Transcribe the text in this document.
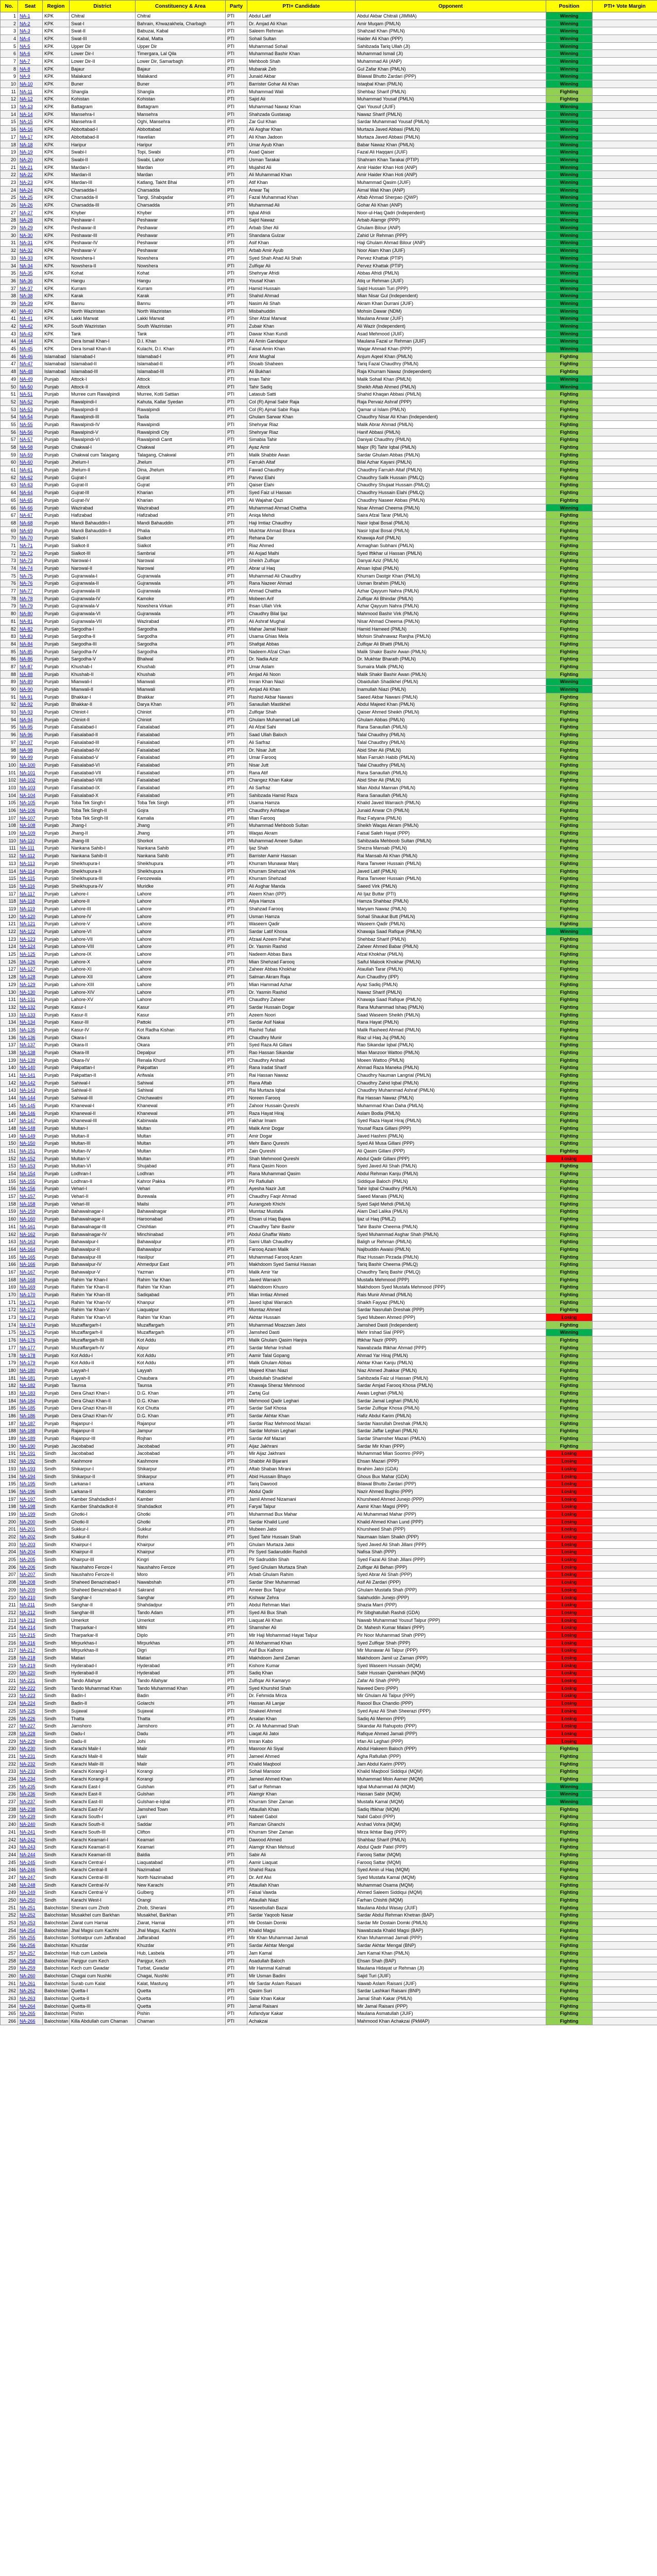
No.	Seat	Region	District	Constituency & Area	Party	PTI+ Candidate	Opponent	Position	PTI+ Vote Margin
1	NA-1	KPK	Chitral	Chitral	PTI	Abdul Latif	Abdul Akbar Chitrali (JIMMA)	Winning	
2	NA-2	KPK	Swat-I	Bahrain, Khwazakhela, Charbagh	PTI	Dr. Amjad Ali Khan	Amir Muqam (PMLN)	Winning	
3	NA-3	KPK	Swat-II	Babuzai, Kabal	PTI	Saleem Rehman	Shahzad Khan (PMLN)	Winning	
4	NA-4	KPK	Swat-III	Kabal, Matta	PTI	Sohail Sultan	Haider Ali Khan (PPP)	Winning	
5	NA-5	KPK	Upper Dir	Upper Dir	PTI	Muhammad Sohail	Sahibzada Tariq Ullah (JI)	Winning	
6	NA-6	KPK	Lower Dir-I	Timergara, Lal Qila	PTI	Muhammad Bashir Khan	Muhammad Ismail (JI)	Winning	
7	NA-7	KPK	Lower Dir-II	Lower Dir, Samarbagh	PTI	Mehboob Shah	Muhammad Ali (ANP)	Winning	
8	NA-8	KPK	Bajaur	Bajaur	PTI	Mubarak Zeb	Gul Zafar Khan (PMLN)	Winning	
9	NA-9	KPK	Malakand	Malakand	PTI	Junaid Akbar	Bilawal Bhutto Zardari (PPP)	Winning	
10	NA-10	KPK	Buner	Buner	PTI	Barrister Gohar Ali Khan	Istaqbal Khan (PMLN)	Winning	
11	NA-11	KPK	Shangla	Shangla	PTI	Muhammad Wali	Shehbaz Sharif (PMLN)	Fighting	
12	NA-12	KPK	Kohistan	Kohistan	PTI	Sajid Ali	Muhammad Yousaf (PMLN)	Fighting	
13	NA-13	KPK	Battagram	Battagram	PTI	Muhammad Nawaz Khan	Qari Yousuf (JUIF)	Winning	
14	NA-14	KPK	Mansehra-I	Mansehra	PTI	Shahzada Gustasap	Nawaz Sharif (PMLN)	Winning	
15	NA-15	KPK	Mansehra-II	Oghi, Mansehra	PTI	Zar Gul Khan	Sardar Muhammad Yousaf (PMLN)	Winning	
16	NA-16	KPK	Abbottabad-I	Abbottabad	PTI	Ali Asghar Khan	Murtaza Javed Abbasi (PMLN)	Winning	
17	NA-17	KPK	Abbottabad-II	Havelian	PTI	Ali Khan Jadoon	Murtaza Javed Abbasi (PMLN)	Winning	
18	NA-18	KPK	Haripur	Haripur	PTI	Umar Ayub Khan	Babar Nawaz Khan (PMLN)	Winning	
19	NA-19	KPK	Swabi-I	Topi, Swabi	PTI	Asad Qaiser	Fazal Ali Haqqani (JUIF)	Winning	
20	NA-20	KPK	Swabi-II	Swabi, Lahor	PTI	Usman Tarakai	Shahram Khan Tarakai (PTIP)	Winning	
21	NA-21	KPK	Mardan-I	Mardan	PTI	Mujahid Ali	Amir Haider Khan Hoti (ANP)	Winning	
22	NA-22	KPK	Mardan-II	Mardan	PTI	Ali Muhammad Khan	Amir Haider Khan Hoti (ANP)	Winning	
23	NA-23	KPK	Mardan-III	Katlang, Takht Bhai	PTI	Atif Khan	Muhammad Qasim (JUIF)	Winning	
24	NA-24	KPK	Charsadda-I	Charsadda	PTI	Anwar Taj	Aimal Wali Khan (ANP)	Winning	
25	NA-25	KPK	Charsadda-II	Tangi, Shabqadar	PTI	Fazal Muhammad Khan	Aftab Ahmad Sherpao (QWP)	Winning	
26	NA-26	KPK	Charsadda-III	Charsadda	PTI	Muhammad Ali	Gohar Ali Khan (ANP)	Winning	
27	NA-27	KPK	Khyber	Khyber	PTI	Iqbal Afridi	Noor-ul-Haq Qadri (Independent)	Winning	
28	NA-28	KPK	Peshawar-I	Peshawar	PTI	Sajid Nawaz	Arbab Alamgir (PPP)	Winning	
29	NA-29	KPK	Peshawar-II	Peshawar	PTI	Arbab Sher Ali	Ghulam Bilour (ANP)	Winning	
30	NA-30	KPK	Peshawar-III	Peshawar	PTI	Shandana Gulzar	Zahid Ur Rehman (PPP)	Winning	
31	NA-31	KPK	Peshawar-IV	Peshawar	PTI	Asif Khan	Haji Ghulam Ahmad Bilour (ANP)	Winning	
32	NA-32	KPK	Peshawar-V	Peshawar	PTI	Arbab Amir Ayub	Noor Alam Khan (JUIF)	Winning	
33	NA-33	KPK	Nowshera-I	Nowshera	PTI	Syed Shah Ahad Ali Shah	Pervez Khattak (PTIP)	Winning	
34	NA-34	KPK	Nowshera-II	Nowshera	PTI	Zulfiqar Ali	Pervez Khattak (PTIP)	Winning	
35	NA-35	KPK	Kohat	Kohat	PTI	Shehryar Afridi	Abbas Afridi (PMLN)	Winning	
36	NA-36	KPK	Hangu	Hangu	PTI	Yousaf Khan	Atiq ur Rehman (JUIF)	Winning	
37	NA-37	KPK	Kurram	Kurram	PTI	Hamid Hussain	Sajid Hussain Turi (PPP)	Winning	
38	NA-38	KPK	Karak	Karak	PTI	Shahid Ahmad	Mian Nisar Gul (Independent)	Winning	
39	NA-39	KPK	Bannu	Bannu	PTI	Nasim Ali Shah	Akram Khan Durrani (JUIF)	Winning	
40	NA-40	KPK	North Waziristan	North Waziristan	PTI	Misbahuddin	Mohsin Dawar (NDM)	Winning	
41	NA-41	KPK	Lakki Marwat	Lakki Marwat	PTI	Sher Afzal Marwat	Maulana Anwar (JUIF)	Winning	
42	NA-42	KPK	South Waziristan	South Waziristan	PTI	Zubair Khan	Ali Wazir (Independent)	Winning	
43	NA-43	KPK	Tank	Tank	PTI	Dawar Khan Kundi	Asad Mehmood (JUIF)	Winning	
44	NA-44	KPK	Dera Ismail Khan-I	D.I. Khan	PTI	Ali Amin Gandapur	Maulana Fazal ur Rehman (JUIF)	Winning	
45	NA-45	KPK	Dera Ismail Khan-II	Kulachi, D.I. Khan	PTI	Faisal Amin Khan	Waqar Ahmad Khan (PPP)	Winning	
46	NA-46	Islamabad	Islamabad-I	Islamabad-I	PTI	Amir Mughal	Anjum Aqeel Khan (PMLN)	Fighting	
47	NA-47	Islamabad	Islamabad-II	Islamabad-II	PTI	Shoaib Shaheen	Tariq Fazal Chaudhry (PMLN)	Fighting	
48	NA-48	Islamabad	Islamabad-III	Islamabad-III	PTI	Ali Bukhari	Raja Khurram Nawaz (Independent)	Fighting	
49	NA-49	Punjab	Attock-I	Attock	PTI	Iman Tahir	Malik Sohail Khan (PMLN)	Winning	
50	NA-50	Punjab	Attock-II	Attock	PTI	Tahir Sadiq	Sheikh Aftab Ahmed (PMLN)	Winning	
51	NA-51	Punjab	Murree cum Rawalpindi	Murree, Kotli Sattian	PTI	Latasub Satti	Shahid Khaqan Abbasi (PMLN)	Fighting	
52	NA-52	Punjab	Rawalpindi-I	Kahuta, Kallar Syedan	PTI	Col (R) Ajmal Sabir Raja	Raja Pervaiz Ashraf (PPP)	Fighting	
53	NA-53	Punjab	Rawalpindi-II	Rawalpindi	PTI	Col (R) Ajmal Sabir Raja	Qamar ul Islam (PMLN)	Fighting	
54	NA-54	Punjab	Rawalpindi-III	Taxila	PTI	Ghulam Sarwar Khan	Chaudhry Nisar Ali Khan (Independent)	Fighting	
55	NA-55	Punjab	Rawalpindi-IV	Rawalpindi	PTI	Shehryar Riaz	Malik Abrar Ahmad (PMLN)	Fighting	
56	NA-56	Punjab	Rawalpindi-V	Rawalpindi City	PTI	Shehryar Riaz	Hanif Abbasi (PMLN)	Fighting	
57	NA-57	Punjab	Rawalpindi-VI	Rawalpindi Cantt	PTI	Simabia Tahir	Daniyal Chaudhry (PMLN)	Fighting	
58	NA-58	Punjab	Chakwal-I	Chakwal	PTI	Ayaz Amir	Major (R) Tahir Iqbal (PMLN)	Fighting	
59	NA-59	Punjab	Chakwal cum Talagang	Talagang, Chakwal	PTI	Malik Shabbir Awan	Sardar Ghulam Abbas (PMLN)	Fighting	
60	NA-60	Punjab	Jhelum-I	Jhelum	PTI	Farrukh Altaf	Bilal Azhar Kayani (PMLN)	Fighting	
61	NA-61	Punjab	Jhelum-II	Dina, Jhelum	PTI	Fawad Chaudhry	Chaudhry Farrukh Altaf (PMLN)	Fighting	
62	NA-62	Punjab	Gujrat-I	Gujrat	PTI	Parvez Elahi	Chaudhry Salik Hussain (PMLQ)	Fighting	
63	NA-63	Punjab	Gujrat-II	Gujrat	PTI	Qaiser Elahi	Chaudhry Shujaat Hussain (PMLQ)	Fighting	
64	NA-64	Punjab	Gujrat-III	Kharian	PTI	Syed Faiz ul Hassan	Chaudhry Hussain Elahi (PMLQ)	Fighting	
65	NA-65	Punjab	Gujrat-IV	Kharian	PTI	Ali Wajahat Qazi	Chaudhry Naseer Abbas (PMLN)	Fighting	
66	NA-66	Punjab	Wazirabad	Wazirabad	PTI	Muhammad Ahmad Chattha	Nisar Ahmad Cheema (PMLN)	Winning	
67	NA-67	Punjab	Hafizabad	Hafizabad	PTI	Aniqa Mehdi	Saira Afzal Tarar (PMLN)	Fighting	
68	NA-68	Punjab	Mandi Bahauddin-I	Mandi Bahauddin	PTI	Haji Imtiaz Chaudhry	Nasir Iqbal Bosal (PMLN)	Fighting	
69	NA-69	Punjab	Mandi Bahauddin-II	Phalia	PTI	Mukhtar Ahmad Bhara	Nasir Iqbal Bosal (PMLN)	Fighting	
70	NA-70	Punjab	Sialkot-I	Sialkot	PTI	Rehana Dar	Khawaja Asif (PMLN)	Fighting	
71	NA-71	Punjab	Sialkot-II	Sialkot	PTI	Riaz Ahmed	Armaghan Subhani (PMLN)	Fighting	
72	NA-72	Punjab	Sialkot-III	Sambrial	PTI	Ali Asjad Malhi	Syed Iftikhar ul Hassan (PMLN)	Fighting	
73	NA-73	Punjab	Narowal-I	Narowal	PTI	Sheikh Zulfiqar	Danyal Aziz (PMLN)	Fighting	
74	NA-74	Punjab	Narowal-II	Narowal	PTI	Abrar ul Haq	Ahsan Iqbal (PMLN)	Fighting	
75	NA-75	Punjab	Gujranwala-I	Gujranwala	PTI	Muhammad Ali Chaudhry	Khurram Dastgir Khan (PMLN)	Fighting	
76	NA-76	Punjab	Gujranwala-II	Gujranwala	PTI	Rana Nazeer Ahmad	Usman Ibrahim (PMLN)	Fighting	
77	NA-77	Punjab	Gujranwala-III	Gujranwala	PTI	Ahmad Chattha	Azhar Qayyum Nahra (PMLN)	Fighting	
78	NA-78	Punjab	Gujranwala-IV	Kamoke	PTI	Mobeen Arif	Zulfiqar Ali Bhindar (PMLN)	Fighting	
79	NA-79	Punjab	Gujranwala-V	Nowshera Virkan	PTI	Ihsan Ullah Virk	Azhar Qayyum Nahra (PMLN)	Fighting	
80	NA-80	Punjab	Gujranwala-VI	Gujranwala	PTI	Chaudhry Bilal Ijaz	Mahmood Bashir Virk (PMLN)	Fighting	
81	NA-81	Punjab	Gujranwala-VII	Wazirabad	PTI	Ali Ashraf Mughal	Nisar Ahmad Cheema (PMLN)	Fighting	
82	NA-82	Punjab	Sargodha-I	Sargodha	PTI	Mahar Jamal Nasir	Hamid Hameed (PMLN)	Fighting	
83	NA-83	Punjab	Sargodha-II	Sargodha	PTI	Usama Ghias Mela	Mohsin Shahnawaz Ranjha (PMLN)	Fighting	
84	NA-84	Punjab	Sargodha-III	Sargodha	PTI	Shafqat Abbas	Zulfiqar Ali Bhatti (PMLN)	Fighting	
85	NA-85	Punjab	Sargodha-IV	Sargodha	PTI	Nadeem Afzal Chan	Malik Shakir Bashir Awan (PMLN)	Fighting	
86	NA-86	Punjab	Sargodha-V	Bhalwal	PTI	Dr. Nadia Aziz	Dr. Mukhtar Bharath (PMLN)	Fighting	
87	NA-87	Punjab	Khushab-I	Khushab	PTI	Umar Aslam	Sumaira Malik (PMLN)	Fighting	
88	NA-88	Punjab	Khushab-II	Khushab	PTI	Amjad Ali Noon	Malik Shakir Bashir Awan (PMLN)	Fighting	
89	NA-89	Punjab	Mianwali-I	Mianwali	PTI	Imran Khan Niazi	Obaidullah Shadikhel (PMLN)	Winning	
90	NA-90	Punjab	Mianwali-II	Mianwali	PTI	Amjad Ali Khan	Inamullah Niazi (PMLN)	Winning	
91	NA-91	Punjab	Bhakkar-I	Bhakkar	PTI	Rashid Akbar Nawani	Saeed Akbar Nawani (PMLN)	Fighting	
92	NA-92	Punjab	Bhakkar-II	Darya Khan	PTI	Sanaullah Mastikhel	Abdul Majeed Khan (PMLN)	Fighting	
93	NA-93	Punjab	Chiniot-I	Chiniot	PTI	Zulfiqar Shah	Qaiser Ahmed Sheikh (PMLN)	Fighting	
94	NA-94	Punjab	Chiniot-II	Chiniot	PTI	Ghulam Muhammad Lali	Ghulam Abbas (PMLN)	Fighting	
95	NA-95	Punjab	Faisalabad-I	Faisalabad	PTI	Ali Afzal Sahi	Rana Sanaullah (PMLN)	Fighting	
96	NA-96	Punjab	Faisalabad-II	Faisalabad	PTI	Saad Ullah Baloch	Talal Chaudhry (PMLN)	Fighting	
97	NA-97	Punjab	Faisalabad-III	Faisalabad	PTI	Ali Sarfraz	Talal Chaudhry (PMLN)	Fighting	
98	NA-98	Punjab	Faisalabad-IV	Faisalabad	PTI	Dr. Nisar Jutt	Abid Sher Ali (PMLN)	Fighting	
99	NA-99	Punjab	Faisalabad-V	Faisalabad	PTI	Umar Farooq	Mian Farrukh Habib (PMLN)	Fighting	
100	NA-100	Punjab	Faisalabad-VI	Faisalabad	PTI	Nisar Jutt	Talal Chaudhry (PMLN)	Fighting	
101	NA-101	Punjab	Faisalabad-VII	Faisalabad	PTI	Rana Atif	Rana Sanaullah (PMLN)	Fighting	
102	NA-102	Punjab	Faisalabad-VIII	Faisalabad	PTI	Changez Khan Kakar	Abid Sher Ali (PMLN)	Fighting	
103	NA-103	Punjab	Faisalabad-IX	Faisalabad	PTI	Ali Sarfraz	Mian Abdul Mannan (PMLN)	Fighting	
104	NA-104	Punjab	Faisalabad-X	Faisalabad	PTI	Sahibzada Hamid Raza	Rana Sanaullah (PMLN)	Fighting	
105	NA-105	Punjab	Toba Tek Singh-I	Toba Tek Singh	PTI	Usama Hamza	Khalid Javed Warraich (PMLN)	Fighting	
106	NA-106	Punjab	Toba Tek Singh-II	Gojra	PTI	Chaudhry Ashfaque	Junaid Anwar Ch (PMLN)	Fighting	
107	NA-107	Punjab	Toba Tek Singh-III	Kamalia	PTI	Mian Farooq	Riaz Fatyana (PMLN)	Fighting	
108	NA-108	Punjab	Jhang-I	Jhang	PTI	Muhammad Mehboob Sultan	Sheikh Waqas Akram (PMLN)	Fighting	
109	NA-109	Punjab	Jhang-II	Jhang	PTI	Waqas Akram	Faisal Saleh Hayat (PPP)	Fighting	
110	NA-110	Punjab	Jhang-III	Shorkot	PTI	Muhammad Ameer Sultan	Sahibzada Mehboob Sultan (PMLN)	Fighting	
111	NA-111	Punjab	Nankana Sahib-I	Nankana Sahib	PTI	Ijaz Shah	Shezra Mansab (PMLN)	Fighting	
112	NA-112	Punjab	Nankana Sahib-II	Nankana Sahib	PTI	Barrister Aamir Hassan	Rai Mansab Ali Khan (PMLN)	Fighting	
113	NA-113	Punjab	Sheikhupura-I	Sheikhupura	PTI	Khurram Munawar Manj	Rana Tanveer Hussain (PMLN)	Fighting	
114	NA-114	Punjab	Sheikhupura-II	Sheikhupura	PTI	Khurram Shehzad Virk	Javed Latif (PMLN)	Fighting	
115	NA-115	Punjab	Sheikhupura-III	Ferozewala	PTI	Khurram Shehzad	Rana Tanveer Hussain (PMLN)	Fighting	
116	NA-116	Punjab	Sheikhupura-IV	Muridke	PTI	Ali Asghar Manda	Saeed Virk (PMLN)	Fighting	
117	NA-117	Punjab	Lahore-I	Lahore	PTI	Aleem Khan (IPP)	Ali Ijaz Buttar (PTI)	Fighting	
118	NA-118	Punjab	Lahore-II	Lahore	PTI	Aliya Hamza	Hamza Shahbaz (PMLN)	Fighting	
119	NA-119	Punjab	Lahore-III	Lahore	PTI	Shahzad Farooq	Maryam Nawaz (PMLN)	Fighting	
120	NA-120	Punjab	Lahore-IV	Lahore	PTI	Usman Hamza	Sohail Shaukat Butt (PMLN)	Fighting	
121	NA-121	Punjab	Lahore-V	Lahore	PTI	Waseem Qadir	Waseem Qadir (PMLN)	Fighting	
122	NA-122	Punjab	Lahore-VI	Lahore	PTI	Sardar Latif Khosa	Khawaja Saad Rafique (PMLN)	Winning	
123	NA-123	Punjab	Lahore-VII	Lahore	PTI	Afzaal Azeem Pahat	Shehbaz Sharif (PMLN)	Fighting	
124	NA-124	Punjab	Lahore-VIII	Lahore	PTI	Dr. Yasmin Rashid	Zaheer Ahmed Babar (PMLN)	Fighting	
125	NA-125	Punjab	Lahore-IX	Lahore	PTI	Nadeem Abbas Bara	Afzal Khokhar (PMLN)	Fighting	
126	NA-126	Punjab	Lahore-X	Lahore	PTI	Mian Shehzad Farooq	Saiful Malook Khokhar (PMLN)	Fighting	
127	NA-127	Punjab	Lahore-XI	Lahore	PTI	Zaheer Abbas Khokhar	Ataullah Tarar (PMLN)	Fighting	
128	NA-128	Punjab	Lahore-XII	Lahore	PTI	Salman Akram Raja	Aun Chaudhry (IPP)	Fighting	
129	NA-129	Punjab	Lahore-XIII	Lahore	PTI	Mian Hammad Azhar	Ayaz Sadiq (PMLN)	Fighting	
130	NA-130	Punjab	Lahore-XIV	Lahore	PTI	Dr. Yasmin Rashid	Nawaz Sharif (PMLN)	Fighting	
131	NA-131	Punjab	Lahore-XV	Lahore	PTI	Chaudhry Zaheer	Khawaja Saad Rafique (PMLN)	Fighting	
132	NA-132	Punjab	Kasur-I	Kasur	PTI	Sardar Hussain Dogar	Rana Muhammad Ishaq (PMLN)	Fighting	
133	NA-133	Punjab	Kasur-II	Kasur	PTI	Azeem Noori	Saad Waseem Sheikh (PMLN)	Fighting	
134	NA-134	Punjab	Kasur-III	Pattoki	PTI	Sardar Asif Nakai	Rana Hayat (PMLN)	Fighting	
135	NA-135	Punjab	Kasur-IV	Kot Radha Kishan	PTI	Rashid Tufail	Malik Rasheed Ahmad (PMLN)	Fighting	
136	NA-136	Punjab	Okara-I	Okara	PTI	Chaudhry Munir	Riaz ul Haq Juj (PMLN)	Fighting	
137	NA-137	Punjab	Okara-II	Okara	PTI	Syed Raza Ali Gillani	Rao Sikandar Iqbal (PMLN)	Fighting	
138	NA-138	Punjab	Okara-III	Depalpur	PTI	Rao Hassan Sikandar	Mian Manzoor Wattoo (PMLN)	Fighting	
139	NA-139	Punjab	Okara-IV	Renala Khurd	PTI	Chaudhry Arshad	Moeen Wattoo (PMLN)	Fighting	
140	NA-140	Punjab	Pakpattan-I	Pakpattan	PTI	Rana Iradat Sharif	Ahmad Raza Maneka (PMLN)	Fighting	
141	NA-141	Punjab	Pakpattan-II	Arifwala	PTI	Rai Hassan Nawaz	Chaudhry Nauman Langrial (PMLN)	Fighting	
142	NA-142	Punjab	Sahiwal-I	Sahiwal	PTI	Rana Aftab	Chaudhry Zahid Iqbal (PMLN)	Fighting	
143	NA-143	Punjab	Sahiwal-II	Sahiwal	PTI	Rai Murtaza Iqbal	Chaudhry Muhammad Ashraf (PMLN)	Fighting	
144	NA-144	Punjab	Sahiwal-III	Chichawatni	PTI	Noreen Farooq	Rai Hassan Nawaz (PMLN)	Fighting	
145	NA-145	Punjab	Khanewal-I	Khanewal	PTI	Zahoor Hussain Qureshi	Muhammad Khan Daha (PMLN)	Fighting	
146	NA-146	Punjab	Khanewal-II	Khanewal	PTI	Raza Hayat Hiraj	Aslam Bodla (PMLN)	Fighting	
147	NA-147	Punjab	Khanewal-III	Kabirwala	PTI	Fakhar Imam	Syed Raza Hayat Hiraj (PMLN)	Fighting	
148	NA-148	Punjab	Multan-I	Multan	PTI	Malik Amir Dogar	Yousaf Raza Gillani (PPP)	Fighting	
149	NA-149	Punjab	Multan-II	Multan	PTI	Amir Dogar	Javed Hashmi (PMLN)	Fighting	
150	NA-150	Punjab	Multan-III	Multan	PTI	Mehr Bano Qureshi	Syed Ali Musa Gillani (PPP)	Fighting	
151	NA-151	Punjab	Multan-IV	Multan	PTI	Zain Qureshi	Ali Qasim Gillani (PPP)	Fighting	
152	NA-152	Punjab	Multan-V	Multan	PTI	Shah Mehmood Qureshi	Abdul Qadir Gillani (PPP)	Losing	
153	NA-153	Punjab	Multan-VI	Shujabad	PTI	Rana Qasim Noon	Syed Javed Ali Shah (PMLN)	Fighting	
154	NA-154	Punjab	Lodhran-I	Lodhran	PTI	Rana Muhammad Qasim	Abdul Rehman Kanju (PMLN)	Fighting	
155	NA-155	Punjab	Lodhran-II	Kahror Pakka	PTI	Pir Rafiullah	Siddique Baloch (PMLN)	Fighting	
156	NA-156	Punjab	Vehari-I	Vehari	PTI	Ayesha Nazir Jutt	Tahir Iqbal Chaudhry (PMLN)	Fighting	
157	NA-157	Punjab	Vehari-II	Burewala	PTI	Chaudhry Faqir Ahmad	Saeed Manais (PMLN)	Fighting	
158	NA-158	Punjab	Vehari-III	Mailsi	PTI	Aurangzeb Khichi	Syed Sajid Mehdi (PMLN)	Fighting	
159	NA-159	Punjab	Bahawalnagar-I	Bahawalnagar	PTI	Mumtaz Mustafa	Alam Dad Lalika (PMLN)	Fighting	
160	NA-160	Punjab	Bahawalnagar-II	Haroonabad	PTI	Ehsan ul Haq Bajwa	Ijaz ul Haq (PMLZ)	Fighting	
161	NA-161	Punjab	Bahawalnagar-III	Chishtian	PTI	Chaudhry Tahir Bashir	Tahir Bashir Cheema (PMLN)	Fighting	
162	NA-162	Punjab	Bahawalnagar-IV	Minchinabad	PTI	Abdul Ghaffar Watto	Syed Muhammad Asghar Shah (PMLN)	Fighting	
163	NA-163	Punjab	Bahawalpur-I	Bahawalpur	PTI	Sami Ullah Chaudhry	Baligh ur Rehman (PMLN)	Fighting	
164	NA-164	Punjab	Bahawalpur-II	Bahawalpur	PTI	Farooq Azam Malik	Najibuddin Awaisi (PMLN)	Fighting	
165	NA-165	Punjab	Bahawalpur-III	Hasilpur	PTI	Muhammad Farooq Azam	Riaz Hussain Pirzada (PMLN)	Fighting	
166	NA-166	Punjab	Bahawalpur-IV	Ahmedpur East	PTI	Makhdoom Syed Samiul Hassan	Tariq Bashir Cheema (PMLQ)	Fighting	
167	NA-167	Punjab	Bahawalpur-V	Yazman	PTI	Malik Amir Yar	Chaudhry Tariq Bashir (PMLQ)	Fighting	
168	NA-168	Punjab	Rahim Yar Khan-I	Rahim Yar Khan	PTI	Javed Warraich	Mustafa Mehmood (PPP)	Fighting	
169	NA-169	Punjab	Rahim Yar Khan-II	Rahim Yar Khan	PTI	Makhdoom Khusro	Makhdoom Syed Mustafa Mehmood (PPP)	Fighting	
170	NA-170	Punjab	Rahim Yar Khan-III	Sadiqabad	PTI	Mian Imtiaz Ahmed	Rais Munir Ahmad (PMLN)	Fighting	
171	NA-171	Punjab	Rahim Yar Khan-IV	Khanpur	PTI	Javed Iqbal Warraich	Shaikh Fayyaz (PMLN)	Fighting	
172	NA-172	Punjab	Rahim Yar Khan-V	Liaquatpur	PTI	Mumtaz Ahmed	Sardar Nasrullah Dreshak (PPP)	Fighting	
173	NA-173	Punjab	Rahim Yar Khan-VI	Rahim Yar Khan	PTI	Akhtar Hussain	Syed Mubeen Ahmed (PPP)	Losing	
174	NA-174	Punjab	Muzaffargarh-I	Muzaffargarh	PTI	Muhammad Moazzam Jatoi	Jamshed Dasti (Independent)	Fighting	
175	NA-175	Punjab	Muzaffargarh-II	Muzaffargarh	PTI	Jamshed Dasti	Mehr Irshad Sial (PPP)	Winning	
176	NA-176	Punjab	Muzaffargarh-III	Kot Addu	PTI	Malik Ghulam Qasim Hanjra	Iftikhar Nazir (PPP)	Fighting	
177	NA-177	Punjab	Muzaffargarh-IV	Alipur	PTI	Sardar Mehar Irshad	Nawabzada Iftikhar Ahmad (PPP)	Fighting	
178	NA-178	Punjab	Kot Addu-I	Kot Addu	PTI	Aamir Talal Gopang	Ahmad Yar Hiraj (PMLN)	Fighting	
179	NA-179	Punjab	Kot Addu-II	Kot Addu	PTI	Malik Ghulam Abbas	Akhtar Khan Kanju (PMLN)	Fighting	
180	NA-180	Punjab	Layyah-I	Layyah	PTI	Majeed Khan Niazi	Niaz Ahmed Jhakkar (PMLN)	Fighting	
181	NA-181	Punjab	Layyah-II	Chaubara	PTI	Ubaidullah Shadikhel	Sahibzada Faiz ul Hassan (PMLN)	Fighting	
182	NA-182	Punjab	Taunsa	Taunsa	PTI	Khawaja Sheraz Mehmood	Sardar Amjad Farooq Khosa (PMLN)	Fighting	
183	NA-183	Punjab	Dera Ghazi Khan-I	D.G. Khan	PTI	Zartaj Gul	Awais Leghari (PMLN)	Fighting	
184	NA-184	Punjab	Dera Ghazi Khan-II	D.G. Khan	PTI	Mehmood Qadir Leghari	Sardar Jamal Leghari (PMLN)	Fighting	
185	NA-185	Punjab	Dera Ghazi Khan-III	Kot Chutta	PTI	Sardar Saif Khosa	Sardar Zulfiqar Khosa (PMLN)	Fighting	
186	NA-186	Punjab	Dera Ghazi Khan-IV	D.G. Khan	PTI	Sardar Akhtar Khan	Hafiz Abdul Karim (PMLN)	Fighting	
187	NA-187	Punjab	Rajanpur-I	Rajanpur	PTI	Sardar Riaz Mehmood Mazari	Sardar Nasrullah Dreshak (PMLN)	Fighting	
188	NA-188	Punjab	Rajanpur-II	Jampur	PTI	Sardar Mohsin Leghari	Sardar Jaffar Leghari (PMLN)	Fighting	
189	NA-189	Punjab	Rajanpur-III	Rojhan	PTI	Sardar Atif Mazari	Sardar Shamsher Mazari (PMLN)	Fighting	
190	NA-190	Punjab	Jacobabad	Jacobabad	PTI	Aijaz Jakhrani	Sardar Mir Khan (PPP)	Fighting	
191	NA-191	Sindh	Jacobabad	Jacobabad	PTI	Mir Aijaz Jakhrani	Muhammad Mian Soomro (PPP)	Losing	
192	NA-192	Sindh	Kashmore	Kashmore	PTI	Shabbir Ali Bijarani	Ehsan Mazari (PPP)	Losing	
193	NA-193	Sindh	Shikarpur-I	Shikarpur	PTI	Aftab Shaban Mirani	Ibrahim Jatoi (GDA)	Losing	
194	NA-194	Sindh	Shikarpur-II	Shikarpur	PTI	Abid Hussain Bhayo	Ghous Bux Mahar (GDA)	Losing	
195	NA-195	Sindh	Larkana-I	Larkana	PTI	Tariq Dawood	Bilawal Bhutto Zardari (PPP)	Losing	
196	NA-196	Sindh	Larkana-II	Ratodero	PTI	Abdul Qadir	Nazir Ahmed Bughio (PPP)	Losing	
197	NA-197	Sindh	Kamber Shahdadkot-I	Kamber	PTI	Jamil Ahmed Nizamani	Khursheed Ahmed Junejo (PPP)	Losing	
198	NA-198	Sindh	Kamber Shahdadkot-II	Shahdadkot	PTI	Faryal Talpur	Aamir Khan Magsi (PPP)	Losing	
199	NA-199	Sindh	Ghotki-I	Ghotki	PTI	Muhammad Bux Mahar	Ali Muhammad Mahar (PPP)	Losing	
200	NA-200	Sindh	Ghotki-II	Ghotki	PTI	Sardar Khalid Lund	Khalid Ahmed Khan Lund (PPP)	Losing	
201	NA-201	Sindh	Sukkur-I	Sukkur	PTI	Mubeen Jatoi	Khursheed Shah (PPP)	Losing	
202	NA-202	Sindh	Sukkur-II	Rohri	PTI	Syed Tahir Hussain Shah	Naumaan Islam Shaikh (PPP)	Losing	
203	NA-203	Sindh	Khairpur-I	Khairpur	PTI	Ghulam Murtaza Jatoi	Syed Javed Ali Shah Jillani (PPP)	Losing	
204	NA-204	Sindh	Khairpur-II	Khairpur	PTI	Pir Syed Sadaruddin Rashdi	Nafisa Shah (PPP)	Losing	
205	NA-205	Sindh	Khairpur-III	Kingri	PTI	Pir Sadruddin Shah	Syed Fazal Ali Shah Jillani (PPP)	Losing	
206	NA-206	Sindh	Naushahro Feroze-I	Naushahro Feroze	PTI	Syed Ghulam Murtaza Shah	Zulfiqar Ali Behan (PPP)	Losing	
207	NA-207	Sindh	Naushahro Feroze-II	Moro	PTI	Arbab Ghulam Rahim	Syed Abrar Ali Shah (PPP)	Losing	
208	NA-208	Sindh	Shaheed Benazirabad-I	Nawabshah	PTI	Sardar Sher Muhammad	Asif Ali Zardari (PPP)	Losing	
209	NA-209	Sindh	Shaheed Benazirabad-II	Sakrand	PTI	Ameer Bux Talpur	Ghulam Mustafa Shah (PPP)	Losing	
210	NA-210	Sindh	Sanghar-I	Sanghar	PTI	Kishwar Zehra	Salahuddin Junejo (PPP)	Losing	
211	NA-211	Sindh	Sanghar-II	Shahdadpur	PTI	Abdul Rehman Mari	Shazia Marri (PPP)	Losing	
212	NA-212	Sindh	Sanghar-III	Tando Adam	PTI	Syed Ali Bux Shah	Pir Sibghatullah Rashdi (GDA)	Losing	
213	NA-213	Sindh	Umerkot	Umerkot	PTI	Liaquat Ali Khan	Nawab Muhammad Yousuf Talpur (PPP)	Losing	
214	NA-214	Sindh	Tharparkar-I	Mithi	PTI	Shamsher Ali	Dr. Mahesh Kumar Malani (PPP)	Losing	
215	NA-215	Sindh	Tharparkar-II	Diplo	PTI	Mir Haji Mohammad Hayat Talpur	Pir Noor Muhammad Shah (PPP)	Losing	
216	NA-216	Sindh	Mirpurkhas-I	Mirpurkhas	PTI	Ali Mohammad Khan	Syed Zulfiqar Shah (PPP)	Losing	
217	NA-217	Sindh	Mirpurkhas-II	Digri	PTI	Asif Bux Kalhoro	Mir Munawar Ali Talpur (PPP)	Losing	
218	NA-218	Sindh	Matiari	Matiari	PTI	Makhdoom Jamil Zaman	Makhdoom Jamil uz Zaman (PPP)	Losing	
219	NA-219	Sindh	Hyderabad-I	Hyderabad	PTI	Kishore Kumar	Syed Waseem Hussain (MQM)	Losing	
220	NA-220	Sindh	Hyderabad-II	Hyderabad	PTI	Sadiq Khan	Sabir Hussain Qaimkhani (MQM)	Losing	
221	NA-221	Sindh	Tando Allahyar	Tando Allahyar	PTI	Zulfiqar Ali Kamaryo	Zafar Ali Shah (PPP)	Losing	
222	NA-222	Sindh	Tando Muhammad Khan	Tando Muhammad Khan	PTI	Syed Khurshid Shah	Naveed Dero (PPP)	Losing	
223	NA-223	Sindh	Badin-I	Badin	PTI	Dr. Fehmida Mirza	Mir Ghulam Ali Talpur (PPP)	Losing	
224	NA-224	Sindh	Badin-II	Golarchi	PTI	Hassan Ali Lanjar	Rasool Bux Chandio (PPP)	Losing	
225	NA-225	Sindh	Sujawal	Sujawal	PTI	Shakeel Ahmed	Syed Ayaz Ali Shah Sheerazi (PPP)	Losing	
226	NA-226	Sindh	Thatta	Thatta	PTI	Arsalan Khan	Sadiq Ali Memon (PPP)	Losing	
227	NA-227	Sindh	Jamshoro	Jamshoro	PTI	Dr. Ali Muhammad Shah	Sikandar Ali Rahupoto (PPP)	Losing	
228	NA-228	Sindh	Dadu-I	Dadu	PTI	Liaqat Ali Jatoi	Rafique Ahmed Jamali (PPP)	Losing	
229	NA-229	Sindh	Dadu-II	Johi	PTI	Imran Kabo	Irfan Ali Leghari (PPP)	Losing	
230	NA-230	Sindh	Karachi Malir-I	Malir	PTI	Masroor Ali Siyal	Abdul Hakeem Baloch (PPP)	Fighting	
231	NA-231	Sindh	Karachi Malir-II	Malir	PTI	Jameel Ahmed	Agha Rafiullah (PPP)	Fighting	
232	NA-232	Sindh	Karachi Malir-III	Malir	PTI	Khalid Maqbool	Jam Abdul Karim (PPP)	Fighting	
233	NA-233	Sindh	Karachi Korangi-I	Korangi	PTI	Sohail Mansoor	Khalid Maqbool Siddiqui (MQM)	Fighting	
234	NA-234	Sindh	Karachi Korangi-II	Korangi	PTI	Jameel Ahmed Khan	Muhammad Moin Aamer (MQM)	Fighting	
235	NA-235	Sindh	Karachi East-I	Gulshan	PTI	Saif ur Rehman	Iqbal Muhammad Ali (MQM)	Winning	
236	NA-236	Sindh	Karachi East-II	Gulshan	PTI	Alamgir Khan	Hassan Sabir (MQM)	Winning	
237	NA-237	Sindh	Karachi East-III	Gulshan-e-Iqbal	PTI	Khurram Sher Zaman	Mustafa Kamal (MQM)	Winning	
238	NA-238	Sindh	Karachi East-IV	Jamshed Town	PTI	Attaullah Khan	Sadiq Iftikhar (MQM)	Fighting	
239	NA-239	Sindh	Karachi South-I	Lyari	PTI	Nabeel Gabol	Nabil Gabol (PPP)	Fighting	
240	NA-240	Sindh	Karachi South-II	Saddar	PTI	Ramzan Ghanchi	Arshad Vohra (MQM)	Fighting	
241	NA-241	Sindh	Karachi South-III	Clifton	PTI	Khurram Sher Zaman	Mirza Ikhtiar Baig (PPP)	Fighting	
242	NA-242	Sindh	Karachi Keamari-I	Keamari	PTI	Dawood Ahmed	Shahbaz Sharif (PMLN)	Fighting	
243	NA-243	Sindh	Karachi Keamari-II	Keamari	PTI	Alamgir Khan Mehsud	Abdul Qadir Patel (PPP)	Fighting	
244	NA-244	Sindh	Karachi Keamari-III	Baldia	PTI	Sabir Ali	Farooq Sattar (MQM)	Fighting	
245	NA-245	Sindh	Karachi Central-I	Liaquatabad	PTI	Aamir Liaquat	Farooq Sattar (MQM)	Fighting	
246	NA-246	Sindh	Karachi Central-II	Nazimabad	PTI	Shahid Raza	Syed Amin ul Haq (MQM)	Fighting	
247	NA-247	Sindh	Karachi Central-III	North Nazimabad	PTI	Dr. Arif Alvi	Syed Mustafa Kamal (MQM)	Fighting	
248	NA-248	Sindh	Karachi Central-IV	New Karachi	PTI	Attaullah Khan	Muhammad Osama (MQM)	Fighting	
249	NA-249	Sindh	Karachi Central-V	Gulberg	PTI	Faisal Vawda	Ahmed Saleem Siddiqui (MQM)	Fighting	
250	NA-250	Sindh	Karachi West-I	Orangi	PTI	Attaullah Niazi	Farhan Chishti (MQM)	Fighting	
251	NA-251	Balochistan	Sherani cum Zhob	Zhob, Sherani	PTI	Naseebullah Bazai	Maulana Abdul Wasay (JUIF)	Fighting	
252	NA-252	Balochistan	Musakhel cum Barkhan	Musakhel, Barkhan	PTI	Sardar Yaqoob Nasar	Sardar Abdul Rehman Khetran (BAP)	Fighting	
253	NA-253	Balochistan	Ziarat cum Harnai	Ziarat, Harnai	PTI	Mir Dostain Domki	Sardar Mir Dostain Domki (PMLN)	Fighting	
254	NA-254	Balochistan	Jhal Magsi cum Kachhi	Jhal Magsi, Kachhi	PTI	Khalid Magsi	Nawabzada Khalid Magsi (BAP)	Fighting	
255	NA-255	Balochistan	Sohbatpur cum Jaffarabad	Jaffarabad	PTI	Mir Khan Muhammad Jamali	Khan Muhammad Jamali (PPP)	Fighting	
256	NA-256	Balochistan	Khuzdar	Khuzdar	PTI	Sardar Akhtar Mengal	Sardar Akhtar Mengal (BNP)	Fighting	
257	NA-257	Balochistan	Hub cum Lasbela	Hub, Lasbela	PTI	Jam Kamal	Jam Kamal Khan (PMLN)	Fighting	
258	NA-258	Balochistan	Panjgur cum Kech	Panjgur, Kech	PTI	Asadullah Baloch	Ehsan Shah (BAP)	Fighting	
259	NA-259	Balochistan	Kech cum Gwadar	Turbat, Gwadar	PTI	Mir Hammal Kalmati	Maulana Hidayat ur Rehman (JI)	Fighting	
260	NA-260	Balochistan	Chagai cum Nushki	Chagai, Nushki	PTI	Mir Usman Badini	Sajid Turi (JUIF)	Fighting	
261	NA-261	Balochistan	Surab cum Kalat	Kalat, Mastung	PTI	Mir Sardar Aslam Raisani	Nawab Aslam Raisani (JUIF)	Fighting	
262	NA-262	Balochistan	Quetta-I	Quetta	PTI	Qasim Suri	Sardar Lashkari Raisani (BNP)	Fighting	
263	NA-263	Balochistan	Quetta-II	Quetta	PTI	Salar Khan Kakar	Jamal Shah Kakar (PMLN)	Fighting	
264	NA-264	Balochistan	Quetta-III	Quetta	PTI	Jamal Raisani	Mir Jamal Raisani (PPP)	Fighting	
265	NA-265	Balochistan	Pishin	Pishin	PTI	Asfandyar Kakar	Maulana Asmatullah (JUIF)	Fighting	
266	NA-266	Balochistan	Killa Abdullah cum Chaman	Chaman	PTI	Achakzai	Mahmood Khan Achakzai (PkMAP)	Fighting	
